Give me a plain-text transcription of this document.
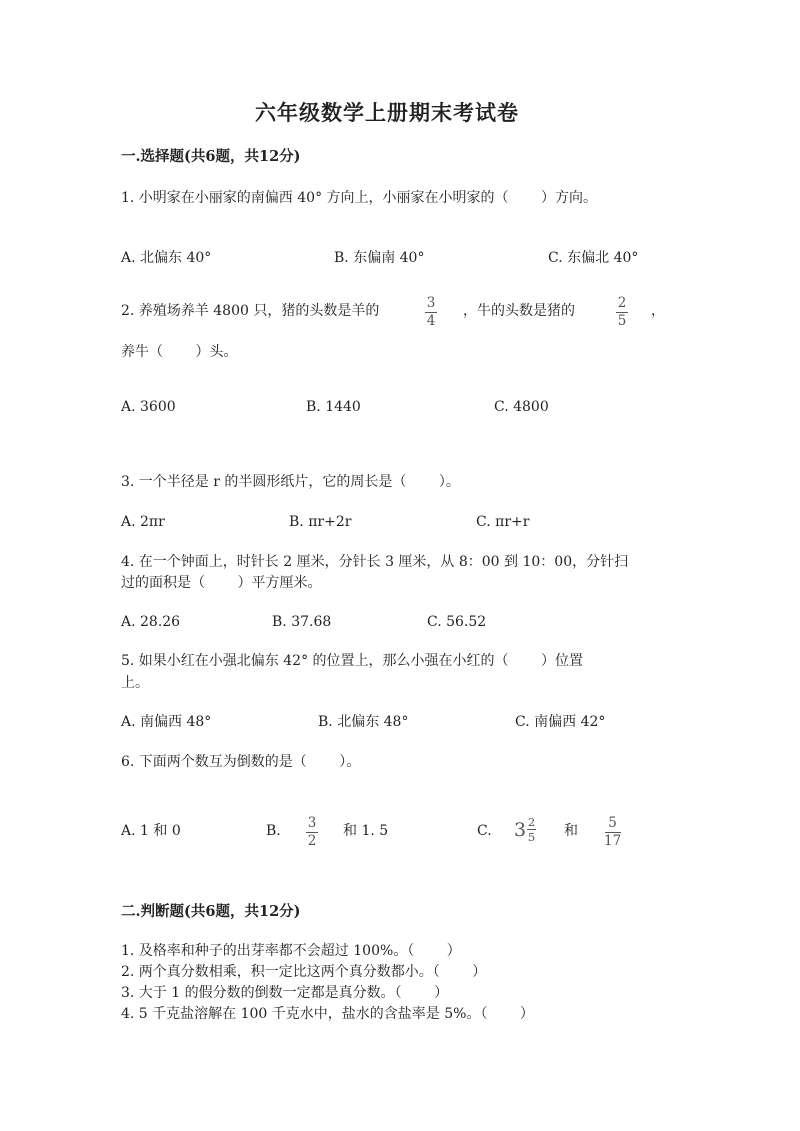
六年级数学上册期末考试卷
一.选择题(共6题，共12分)
1. 小明家在小丽家的南偏西 40° 方向上，小丽家在小明家的（　　 ）方向。
A. 北偏东 40°	B. 东偏南 40°	C. 东偏北 40°
2. 养殖场养羊 4800 只，猪的头数是羊的	3
4
，牛的头数是猪的	2
5
，
养牛（　　 ）头。
A. 3600	B. 1440	C. 4800
3. 一个半径是 r 的半圆形纸片，它的周长是（　　 ）。
A. 2πr	B. πr+2r	C. πr+r
4. 在一个钟面上，时针长 2 厘米，分针长 3 厘米，从 8：00 到 10：00，分针扫
过的面积是（　　 ）平方厘米。
A. 28.26	B. 37.68	C. 56.52
5. 如果小红在小强北偏东 42° 的位置上，那么小强在小红的（　　 ）位置
上。
A. 南偏西 48°	B. 北偏东 48°	C. 南偏西 42°
6. 下面两个数互为倒数的是（　　 ）。
A. 1 和 0	B. 3
2
和 1. 5	C. 3 2
5 和 5
17
二.判断题(共6题，共12分)
1. 及格率和种子的出芽率都不会超过 100%。（　　 ）
2. 两个真分数相乘，积一定比这两个真分数都小。（　　 ）
3. 大于 1 的假分数的倒数一定都是真分数。（　　 ）
4. 5 千克盐溶解在 100 千克水中，盐水的含盐率是 5%。（　　 ）
